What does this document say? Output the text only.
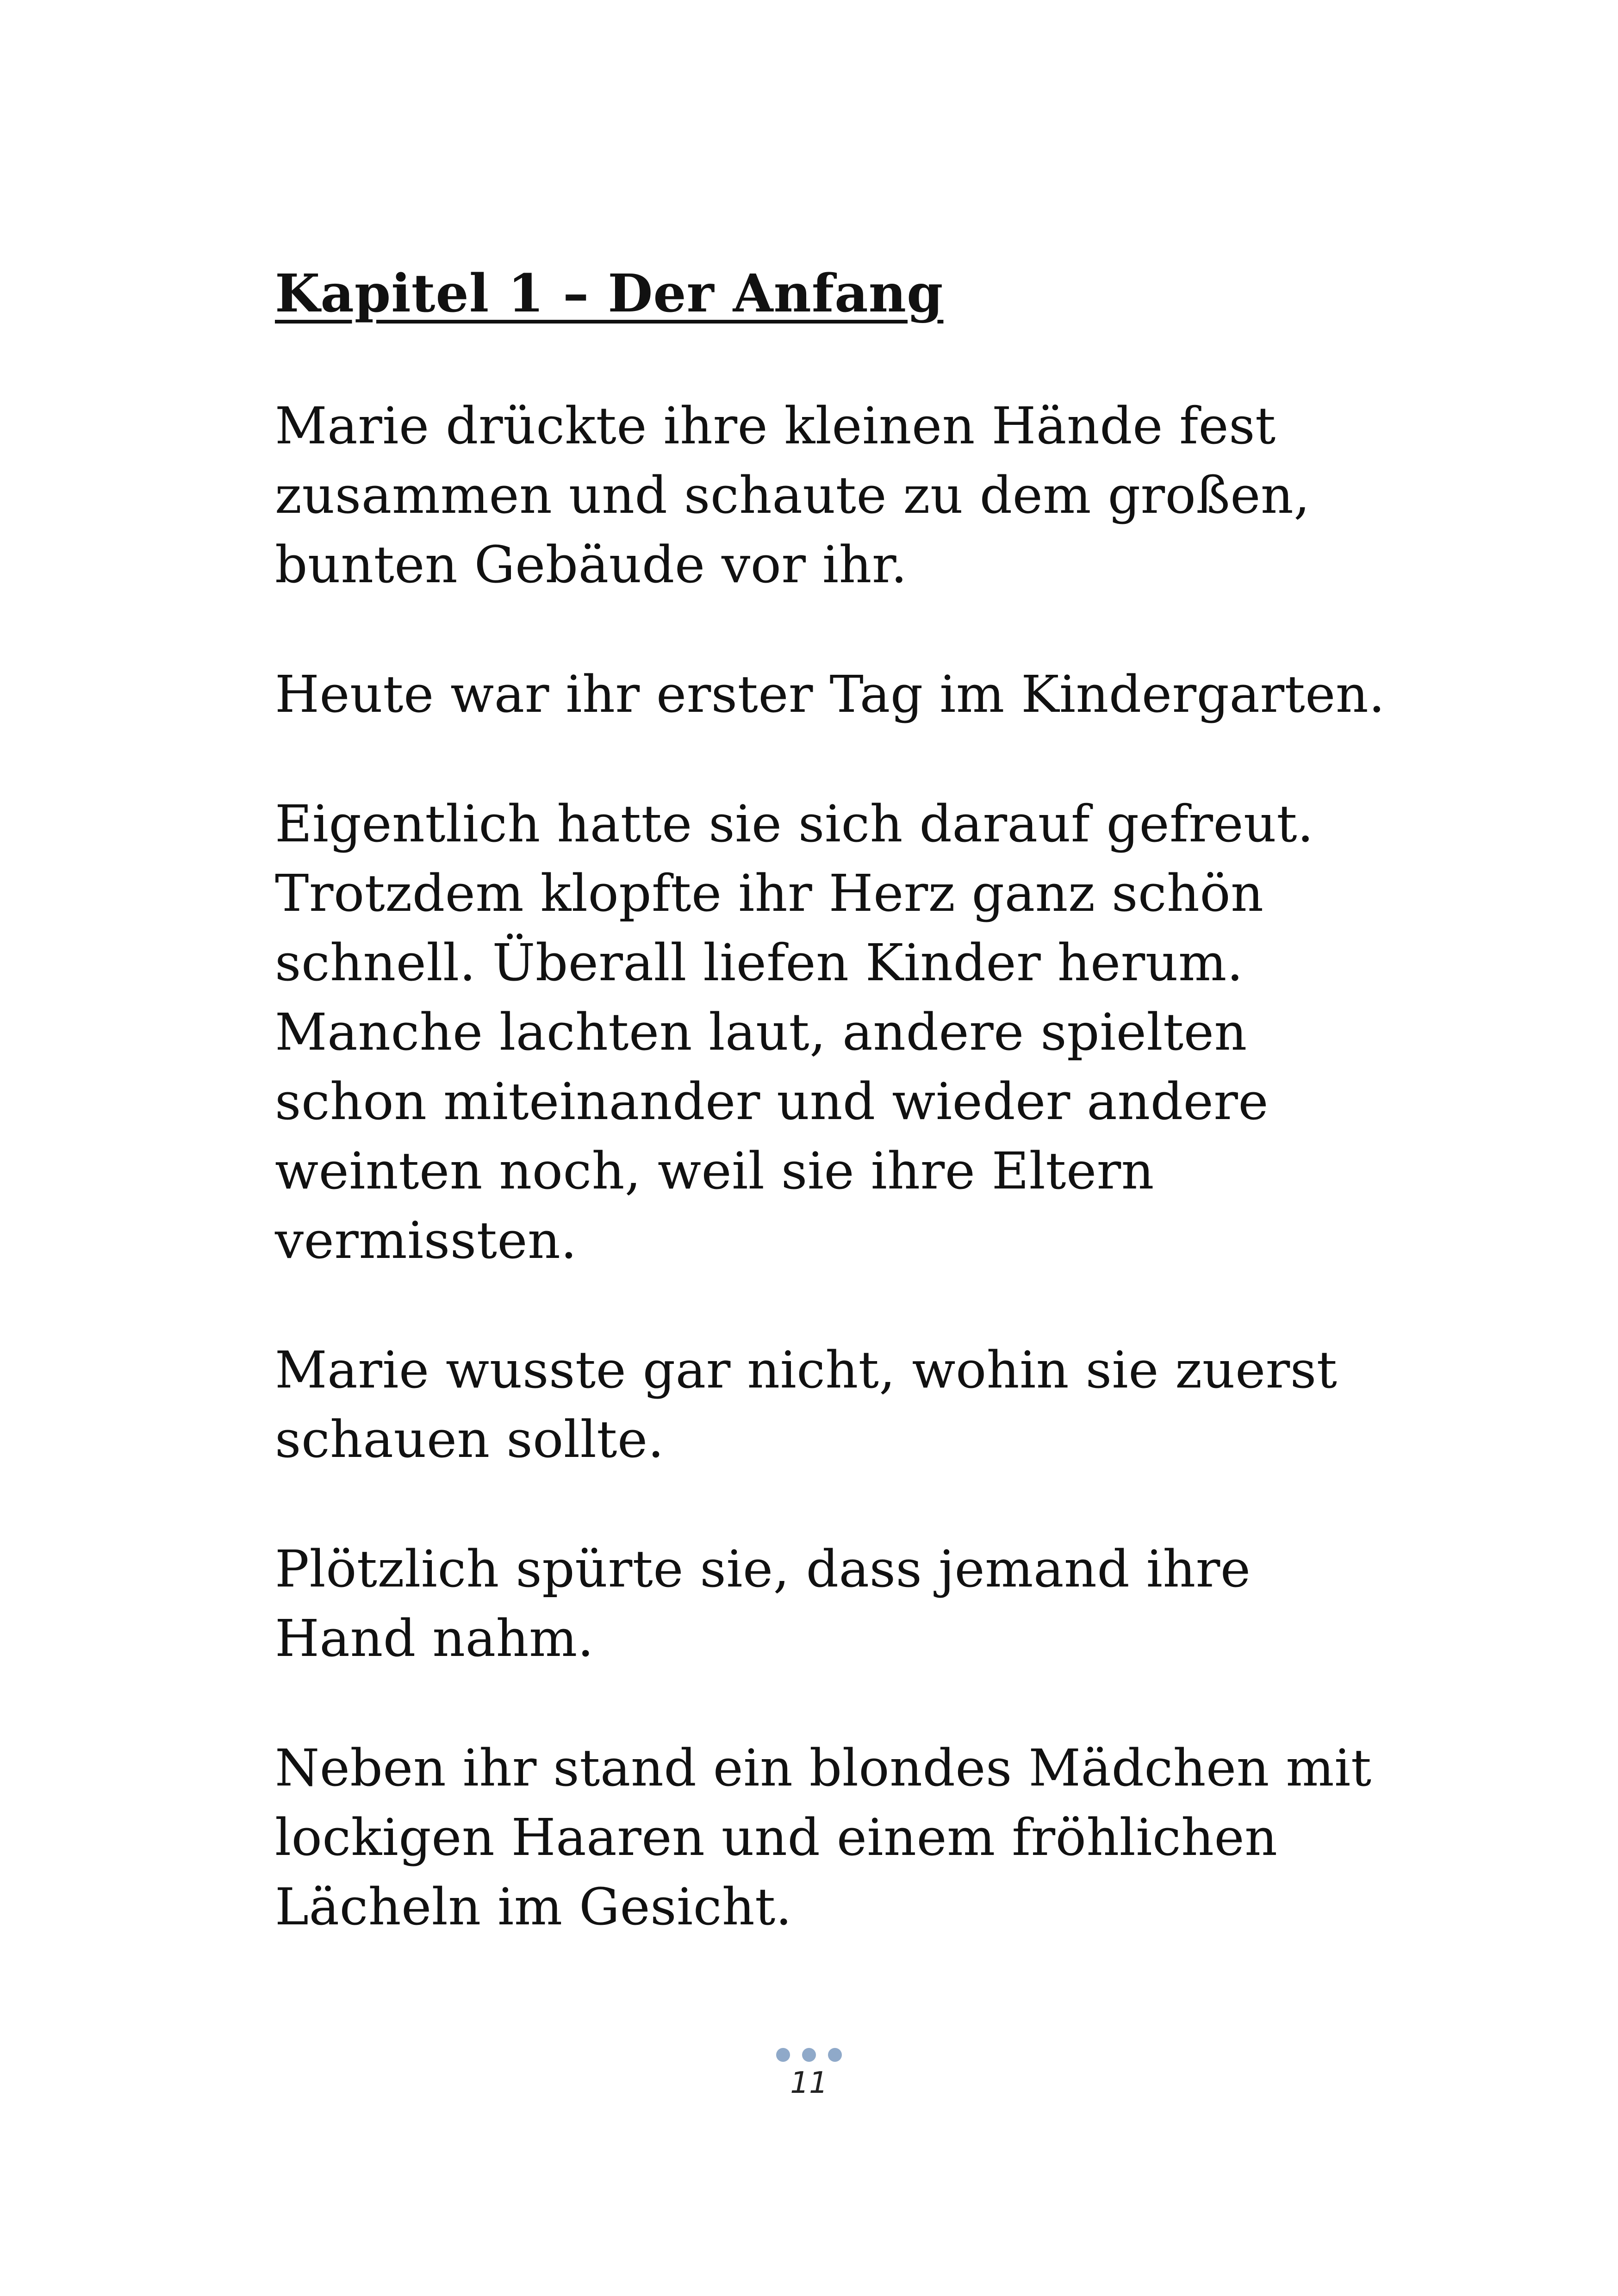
Kapitel 1 – Der Anfang

Marie drückte ihre kleinen Hände fest zusammen und schaute zu dem großen, bunten Gebäude vor ihr.

Heute war ihr erster Tag im Kindergarten.

Eigentlich hatte sie sich darauf gefreut. Trotzdem klopfte ihr Herz ganz schön schnell. Überall liefen Kinder herum. Manche lachten laut, andere spielten schon miteinander und wieder andere weinten noch, weil sie ihre Eltern vermissten.

Marie wusste gar nicht, wohin sie zuerst schauen sollte.

Plötzlich spürte sie, dass jemand ihre Hand nahm.

Neben ihr stand ein blondes Mädchen mit lockigen Haaren und einem fröhlichen Lächeln im Gesicht.

11
